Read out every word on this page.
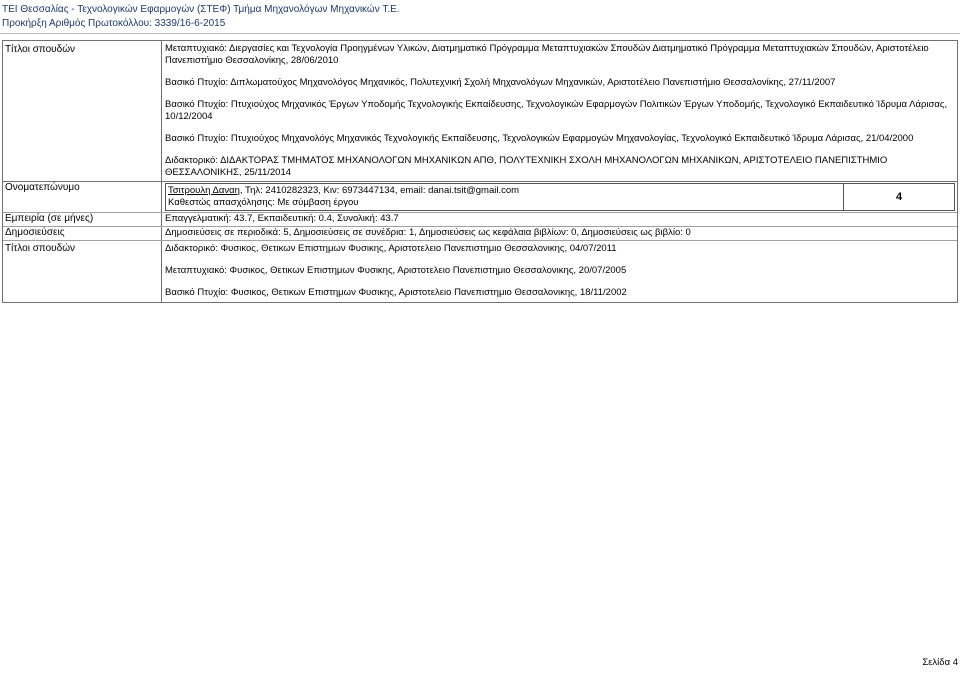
ΤΕΙ Θεσσαλίας - Τεχνολογικών Εφαρμογών (ΣΤΕΦ) Τμήμα Μηχανολόγων Μηχανικών Τ.Ε.
Προκήρξη Αριθμός Πρωτοκόλλου: 3339/16-6-2015
Τίτλοι σπουδών	Μεταπτυχιακό: Διεργασίες και Τεχνολογία Προηγμένων Υλικών, Διατμηματικό Πρόγραμμα Μεταπτυχιακών Σπουδών Διατμηματικό Πρόγραμμα Μεταπτυχιακών Σπουδών, Αριστοτέλειο Πανεπιστήμιο Θεσσαλονίκης, 28/06/2010
Βασικό Πτυχίο: Διπλωματούχος Μηχανολόγος Μηχανικός, Πολυτεχνική Σχολή Μηχανολόγων Μηχανικών, Αριστοτέλειο Πανεπιστήμιο Θεσσαλονίκης, 27/11/2007
Βασικό Πτυχίο: Πτυχιούχος Μηχανικός Έργων Υποδομής Τεχνολογικής Εκπαίδευσης, Τεχνολογικών Εφαρμογών Πολιτικών Έργων Υποδομής, Τεχνολογικό Εκπαιδευτικό Ίδρυμα Λάρισας, 10/12/2004
Βασικό Πτυχίο: Πτυχιούχος Μηχανολόγς Μηχανικός Τεχνολογικής Εκπαίδευσης, Τεχνολογικών Εφαρμογών Μηχανολογίας, Τεχνολογικό Εκπαιδευτικό Ίδρυμα Λάρισας, 21/04/2000
Διδακτορικό: ΔΙΔΑΚΤΟΡΑΣ ΤΜΗΜΑΤΟΣ ΜΗΧΑΝΟΛΟΓΩΝ ΜΗΧΑΝΙΚΩΝ ΑΠΘ, ΠΟΛΥΤΕΧΝΙΚΗ ΣΧΟΛΗ ΜΗΧΑΝΟΛΟΓΩΝ ΜΗΧΑΝΙΚΩΝ, ΑΡΙΣΤΟΤΕΛΕΙΟ ΠΑΝΕΠΙΣΤΗΜΙΟ ΘΕΣΣΑΛΟΝΙΚΗΣ, 25/11/2014
Ονοματεπώνυμο	Τσιτρουλη Δαναη, Τηλ: 2410282323, Κιν: 6973447134, email: danai.tsit@gmail.com
Καθεστώς απασχόλησης: Με σύμβαση έργου	4
Εμπειρία (σε μήνες)	Επαγγελματική: 43.7, Εκπαιδευτική: 0.4, Συνολική: 43.7
Δημοσιεύσεις	Δημοσιεύσεις σε περιοδικά: 5, Δημοσιεύσεις σε συνέδρια: 1, Δημοσιεύσεις ως κεφάλαια βιβλίων: 0, Δημοσιεύσεις ως βιβλίο: 0
Τίτλοι σπουδών	Διδακτορικό: Φυσικος, Θετικων Επιστημων Φυσικης, Αριστοτελειο Πανεπιστημιο Θεσσαλονικης, 04/07/2011
Μεταπτυχιακό: Φυσικος, Θετικων Επιστημων Φυσικης, Αριστοτελειο Πανεπιστημιο Θεσσαλονικης, 20/07/2005
Βασικό Πτυχίο: Φυσικος, Θετικων Επιστημων Φυσικης, Αριστοτελειο Πανεπιστημιο Θεσσαλονικης, 18/11/2002
Σελίδα 4
